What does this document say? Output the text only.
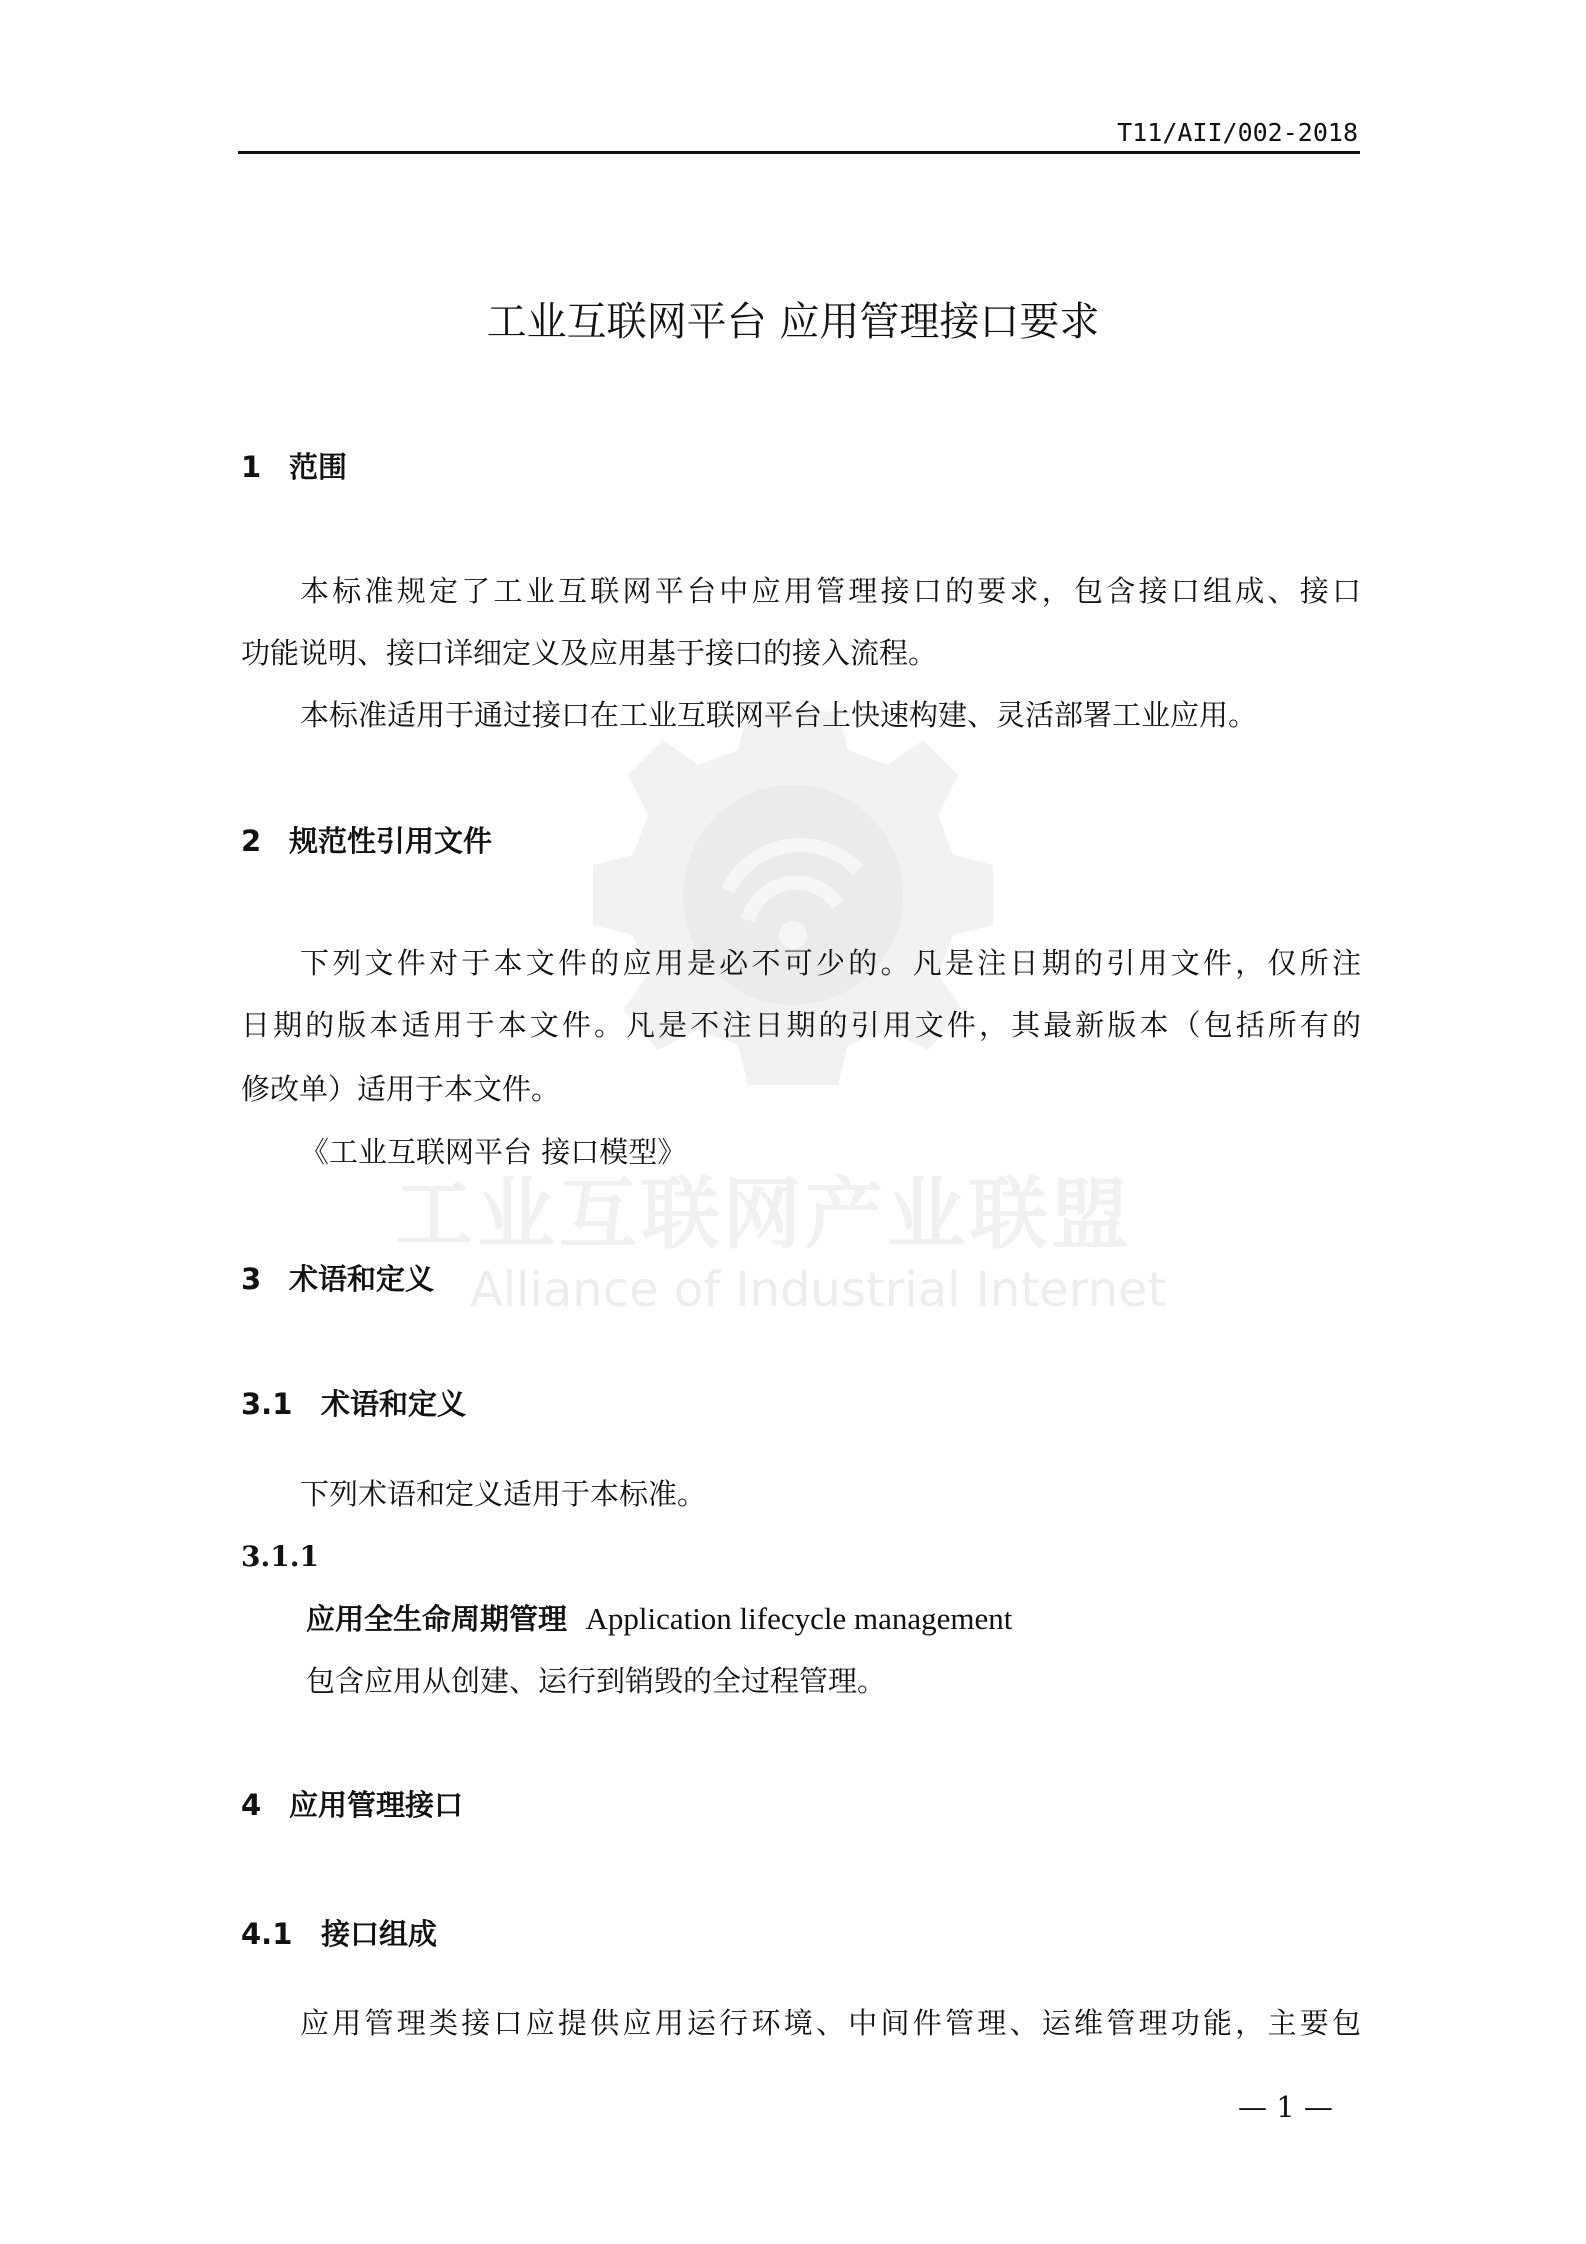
工业互联网产业联盟
Alliance of Industrial Internet
T11/AII/002-2018
工业互联网平台 应用管理接口要求
1 范围
本标准规定了工业互联网平台中应用管理接口的要求，包含接口组成、接口
功能说明、接口详细定义及应用基于接口的接入流程。
本标准适用于通过接口在工业互联网平台上快速构建、灵活部署工业应用。
2 规范性引用文件
下列文件对于本文件的应用是必不可少的。凡是注日期的引用文件，仅所注
日期的版本适用于本文件。凡是不注日期的引用文件，其最新版本（包括所有的
修改单）适用于本文件。
《工业互联网平台 接口模型》
3 术语和定义
3.1 术语和定义
下列术语和定义适用于本标准。
3.1.1
应用全生命周期管理 Application lifecycle management
包含应用从创建、运行到销毁的全过程管理。
4 应用管理接口
4.1 接口组成
应用管理类接口应提供应用运行环境、中间件管理、运维管理功能，主要包
— 1 —
